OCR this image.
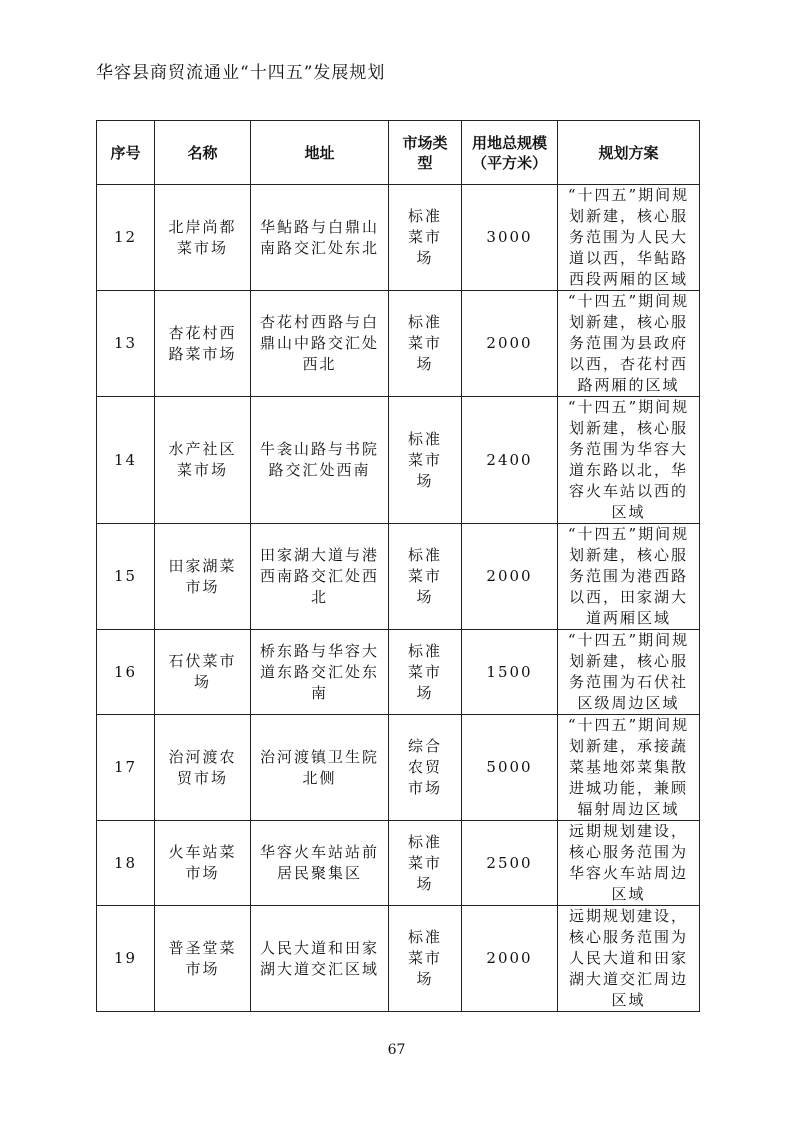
华容县商贸流通业“十四五”发展规划
序号	名称	地址	市场类型	用地总规模（平方米）	规划方案
12	北岸尚都菜市场	华鲇路与白鼎山南路交汇处东北	标准菜市场	3000	“十四五”期间规划新建，核心服务范围为人民大道以西，华鲇路西段两厢的区域
13	杏花村西路菜市场	杏花村西路与白鼎山中路交汇处西北	标准菜市场	2000	“十四五”期间规划新建，核心服务范围为县政府以西，杏花村西路两厢的区域
14	水产社区菜市场	牛衾山路与书院路交汇处西南	标准菜市场	2400	“十四五”期间规划新建，核心服务范围为华容大道东路以北，华容火车站以西的区域
15	田家湖菜市场	田家湖大道与港西南路交汇处西北	标准菜市场	2000	“十四五”期间规划新建，核心服务范围为港西路以西，田家湖大道两厢区域
16	石伏菜市场	桥东路与华容大道东路交汇处东南	标准菜市场	1500	“十四五”期间规划新建，核心服务范围为石伏社区级周边区域
17	治河渡农贸市场	治河渡镇卫生院北侧	综合农贸市场	5000	“十四五”期间规划新建，承接蔬菜基地郊菜集散进城功能，兼顾辐射周边区域
18	火车站菜市场	华容火车站站前居民聚集区	标准菜市场	2500	远期规划建设，核心服务范围为华容火车站周边区域
19	普圣堂菜市场	人民大道和田家湖大道交汇区域	标准菜市场	2000	远期规划建设，核心服务范围为人民大道和田家湖大道交汇周边区域
67
